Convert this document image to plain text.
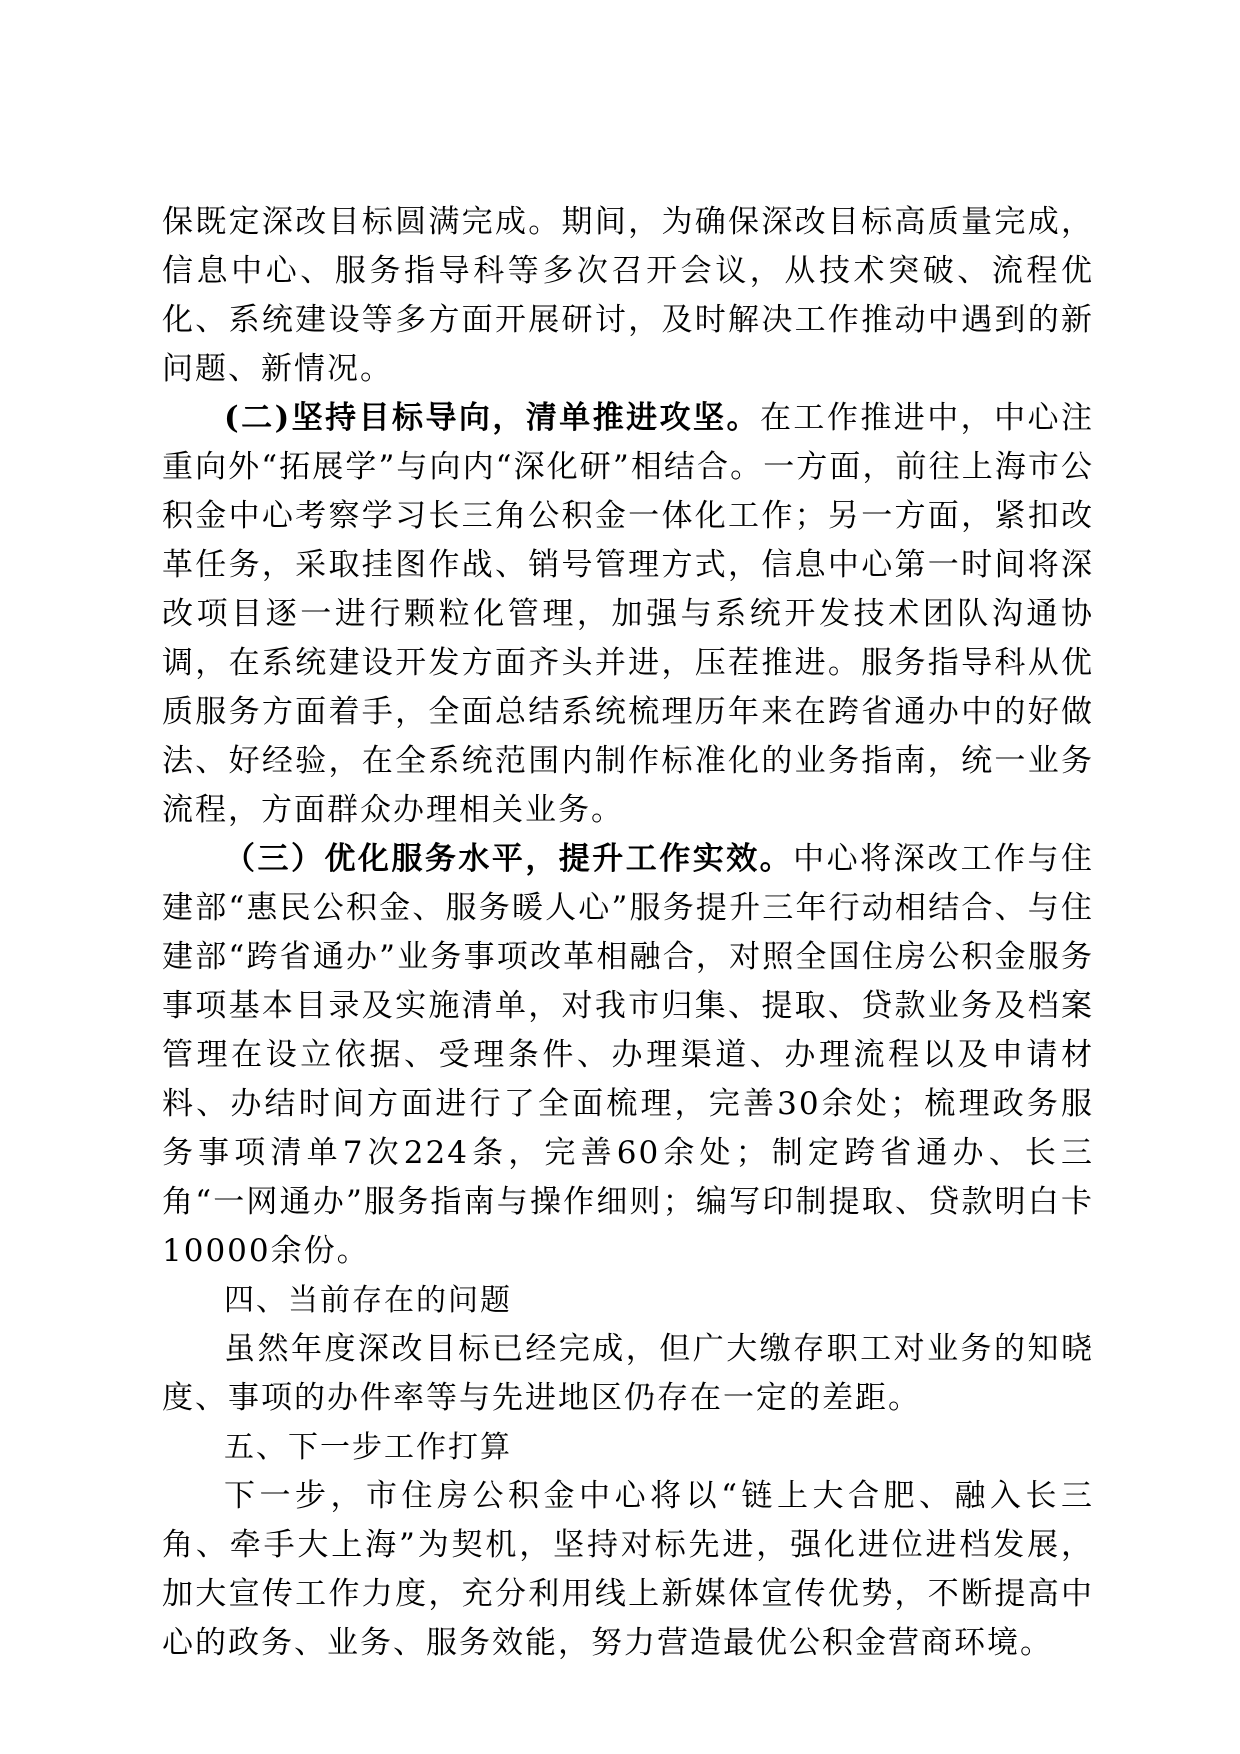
保既定深改目标圆满完成。期间，为确保深改目标高质量完成，信息中心、服务指导科等多次召开会议，从技术突破、流程优化、系统建设等多方面开展研讨，及时解决工作推动中遇到的新问题、新情况。

(二)坚持目标导向，清单推进攻坚。在工作推进中，中心注重向外“拓展学”与向内“深化研”相结合。一方面，前往上海市公积金中心考察学习长三角公积金一体化工作；另一方面，紧扣改革任务，采取挂图作战、销号管理方式，信息中心第一时间将深改项目逐一进行颗粒化管理，加强与系统开发技术团队沟通协调，在系统建设开发方面齐头并进，压茬推进。服务指导科从优质服务方面着手，全面总结系统梳理历年来在跨省通办中的好做法、好经验，在全系统范围内制作标准化的业务指南，统一业务流程，方面群众办理相关业务。

（三）优化服务水平，提升工作实效。中心将深改工作与住建部“惠民公积金、服务暖人心”服务提升三年行动相结合、与住建部“跨省通办”业务事项改革相融合，对照全国住房公积金服务事项基本目录及实施清单，对我市归集、提取、贷款业务及档案管理在设立依据、受理条件、办理渠道、办理流程以及申请材料、办结时间方面进行了全面梳理，完善30余处；梳理政务服务事项清单7次224条，完善60余处；制定跨省通办、长三角“一网通办”服务指南与操作细则；编写印制提取、贷款明白卡10000余份。

四、当前存在的问题

虽然年度深改目标已经完成，但广大缴存职工对业务的知晓度、事项的办件率等与先进地区仍存在一定的差距。

五、下一步工作打算

下一步，市住房公积金中心将以“链上大合肥、融入长三角、牵手大上海”为契机，坚持对标先进，强化进位进档发展，加大宣传工作力度，充分利用线上新媒体宣传优势，不断提高中心的政务、业务、服务效能，努力营造最优公积金营商环境。
